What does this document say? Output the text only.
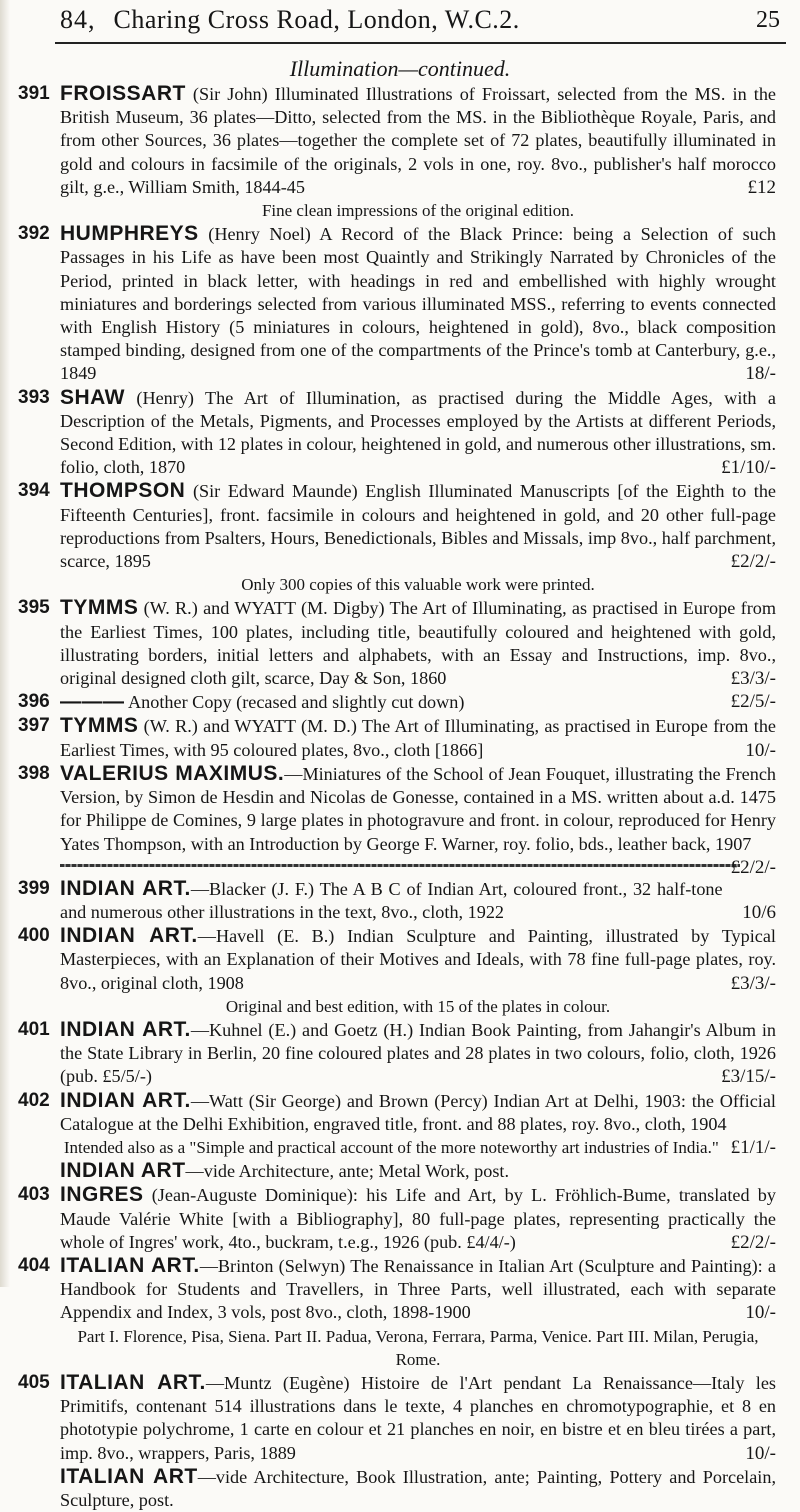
84, Charing Cross Road, London, W.C.2.	25
Illumination—continued.
391 FROISSART (Sir John) Illuminated Illustrations of Froissart, selected from the MS. in the British Museum, 36 plates—Ditto, selected from the MS. in the Bibliothèque Royale, Paris, and from other Sources, 36 plates—together the complete set of 72 plates, beautifully illuminated in gold and colours in facsimile of the originals, 2 vols in one, roy. 8vo., publisher's half morocco gilt, g.e., William Smith, 1844-45	£12
Fine clean impressions of the original edition.
392 HUMPHREYS (Henry Noel) A Record of the Black Prince: being a Selection of such Passages in his Life as have been most Quaintly and Strikingly Narrated by Chronicles of the Period, printed in black letter, with headings in red and embellished with highly wrought miniatures and borderings selected from various illuminated MSS., referring to events connected with English History (5 miniatures in colours, heightened in gold), 8vo., black composition stamped binding, designed from one of the compartments of the Prince's tomb at Canterbury, g.e., 1849	18/-
393 SHAW (Henry) The Art of Illumination, as practised during the Middle Ages, with a Description of the Metals, Pigments, and Processes employed by the Artists at different Periods, Second Edition, with 12 plates in colour, heightened in gold, and numerous other illustrations, sm. folio, cloth, 1870	£1/10/-
394 THOMPSON (Sir Edward Maunde) English Illuminated Manuscripts [of the Eighth to the Fifteenth Centuries], front. facsimile in colours and heightened in gold, and 20 other full-page reproductions from Psalters, Hours, Benedictionals, Bibles and Missals, imp 8vo., half parchment, scarce, 1895	£2/2/-
Only 300 copies of this valuable work were printed.
395 TYMMS (W. R.) and WYATT (M. Digby) The Art of Illuminating, as practised in Europe from the Earliest Times, 100 plates, including title, beautifully coloured and heightened with gold, illustrating borders, initial letters and alphabets, with an Essay and Instructions, imp. 8vo., original designed cloth gilt, scarce, Day & Son, 1860	£3/3/-
396 ——— Another Copy (recased and slightly cut down)	£2/5/-
397 TYMMS (W. R.) and WYATT (M. D.) The Art of Illuminating, as practised in Europe from the Earliest Times, with 95 coloured plates, 8vo., cloth [1866]	10/-
398 VALERIUS MAXIMUS.—Miniatures of the School of Jean Fouquet, illustrating the French Version, by Simon de Hesdin and Nicolas de Gonesse, contained in a MS. written about a.d. 1475 for Philippe de Comines, 9 large plates in photogravure and front. in colour, reproduced for Henry Yates Thompson, with an Introduction by George F. Warner, roy. folio, bds., leather back, 1907
£2/2/-
399 INDIAN ART.—Blacker (J. F.) The A B C of Indian Art, coloured front., 32 half-tone and numerous other illustrations in the text, 8vo., cloth, 1922	10/6
400 INDIAN ART.—Havell (E. B.) Indian Sculpture and Painting, illustrated by Typical Masterpieces, with an Explanation of their Motives and Ideals, with 78 fine full-page plates, roy. 8vo., original cloth, 1908	£3/3/-
Original and best edition, with 15 of the plates in colour.
401 INDIAN ART.—Kuhnel (E.) and Goetz (H.) Indian Book Painting, from Jahangir's Album in the State Library in Berlin, 20 fine coloured plates and 28 plates in two colours, folio, cloth, 1926 (pub. £5/5/-)	£3/15/-
402 INDIAN ART.—Watt (Sir George) and Brown (Percy) Indian Art at Delhi, 1903: the Official Catalogue at the Delhi Exhibition, engraved title, front. and 88 plates, roy. 8vo., cloth, 1904
£1/1/-
Intended also as a "Simple and practical account of the more noteworthy art industries of India."
INDIAN ART—vide Architecture, ante; Metal Work, post.
403 INGRES (Jean-Auguste Dominique): his Life and Art, by L. Fröhlich-Bume, translated by Maude Valérie White [with a Bibliography], 80 full-page plates, representing practically the whole of Ingres' work, 4to., buckram, t.e.g., 1926 (pub. £4/4/-)	£2/2/-
404 ITALIAN ART.—Brinton (Selwyn) The Renaissance in Italian Art (Sculpture and Painting): a Handbook for Students and Travellers, in Three Parts, well illustrated, each with separate Appendix and Index, 3 vols, post 8vo., cloth, 1898-1900	10/-
Part I. Florence, Pisa, Siena. Part II. Padua, Verona, Ferrara, Parma, Venice. Part III. Milan, Perugia, Rome.
405 ITALIAN ART.—Muntz (Eugène) Histoire de l'Art pendant La Renaissance—Italy les Primitifs, contenant 514 illustrations dans le texte, 4 planches en chromotypographie, et 8 en phototypie polychrome, 1 carte en colour et 21 planches en noir, en bistre et en bleu tirées a part, imp. 8vo., wrappers, Paris, 1889	10/-
ITALIAN ART—vide Architecture, Book Illustration, ante; Painting, Pottery and Porcelain, Sculpture, post.
